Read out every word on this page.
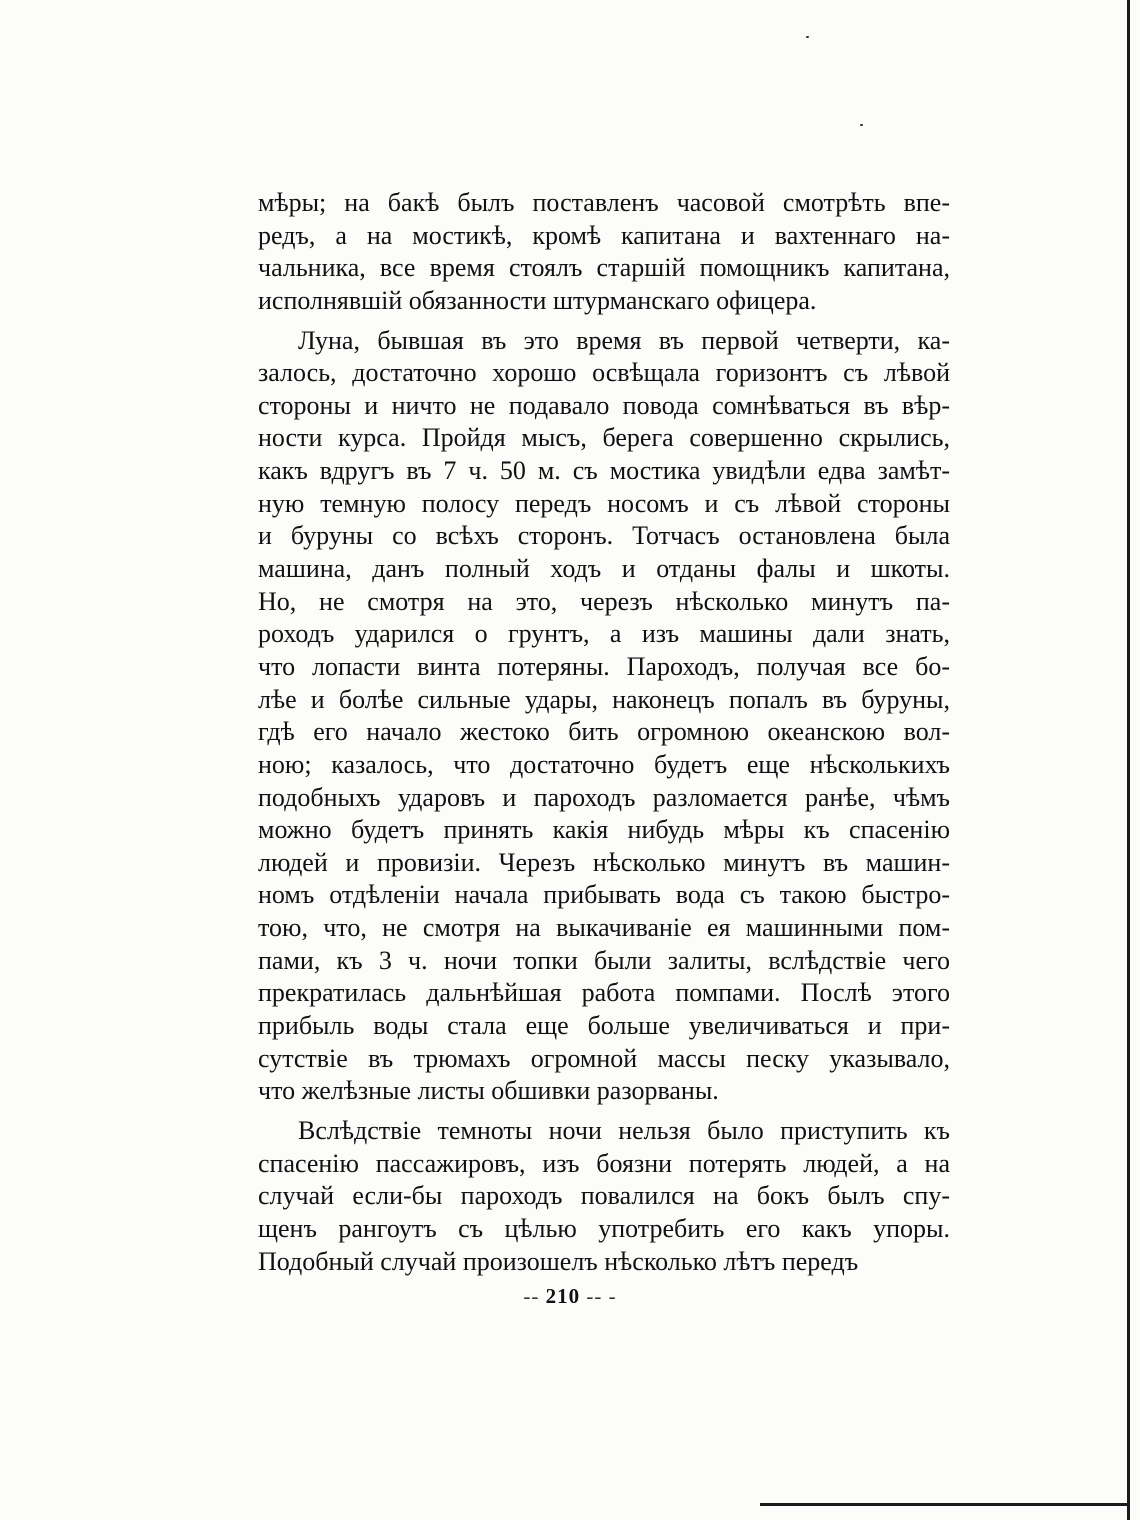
мѣры; на бакѣ былъ поставленъ часовой смотрѣть впе-
редъ, а на мостикѣ, кромѣ капитана и вахтеннаго на-
чальника, все время стоялъ старшій помощникъ капитана,
исполнявшій обязанности штурманскаго офицера.
Луна, бывшая въ это время въ первой четверти, ка-
залось, достаточно хорошо освѣщала горизонтъ съ лѣвой
стороны и ничто не подавало повода сомнѣваться въ вѣр-
ности курса. Пройдя мысъ, берега совершенно скрылись,
какъ вдругъ въ 7 ч. 50 м. съ мостика увидѣли едва замѣт-
ную темную полосу передъ носомъ и съ лѣвой стороны
и буруны со всѣхъ сторонъ. Тотчасъ остановлена была
машина, данъ полный ходъ и отданы фалы и шкоты.
Но, не смотря на это, черезъ нѣсколько минутъ па-
роходъ ударился о грунтъ, а изъ машины дали знать,
что лопасти винта потеряны. Пароходъ, получая все бо-
лѣе и болѣе сильные удары, наконецъ попалъ въ буруны,
гдѣ его начало жестоко бить огромною океанскою вол-
ною; казалось, что достаточно будетъ еще нѣсколькихъ
подобныхъ ударовъ и пароходъ разломается ранѣе, чѣмъ
можно будетъ принять какія нибудь мѣры къ спасенію
людей и провизіи. Черезъ нѣсколько минутъ въ машин-
номъ отдѣленіи начала прибывать вода съ такою быстро-
тою, что, не смотря на выкачиваніе ея машинными пом-
пами, къ 3 ч. ночи топки были залиты, вслѣдствіе чего
прекратилась дальнѣйшая работа помпами. Послѣ этого
прибыль воды стала еще больше увеличиваться и при-
сутствіе въ трюмахъ огромной массы песку указывало,
что желѣзные листы обшивки разорваны.
Вслѣдствіе темноты ночи нельзя было приступить къ
спасенію пассажировъ, изъ боязни потерять людей, а на
случай если-бы пароходъ повалился на бокъ былъ спу-
щенъ рангоутъ съ цѣлью употребить его какъ упоры.
Подобный случай произошелъ нѣсколько лѣтъ передъ
-- 210 -- -
